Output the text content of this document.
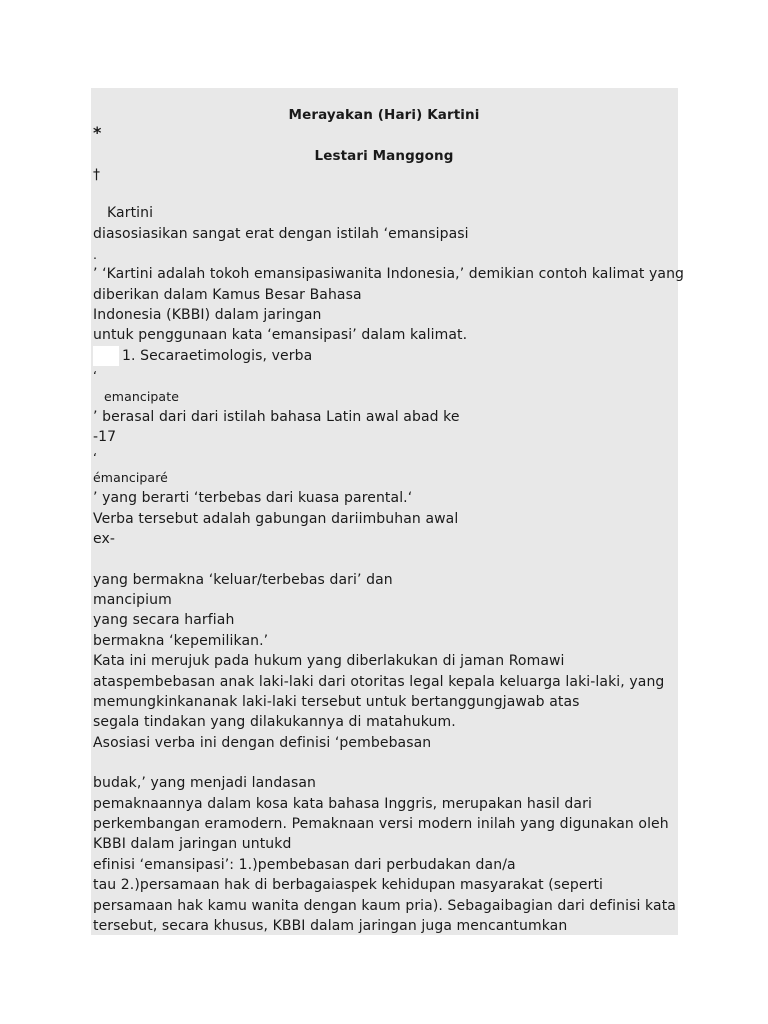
Merayakan (Hari) Kartini
*
Lestari Manggong
†
Kartini
diasosiasikan sangat erat dengan istilah ‘emansipasi
.
’ ‘Kartini adalah tokoh emansipasiwanita Indonesia,’ demikian contoh kalimat yang
diberikan dalam Kamus Besar Bahasa
Indonesia (KBBI) dalam jaringan
untuk penggunaan kata ‘emansipasi’ dalam kalimat.
1. Secaraetimologis, verba
‘
emancipate
’ berasal dari dari istilah bahasa Latin awal abad ke
-17
‘
émanciparé
’ yang berarti ‘terbebas dari kuasa parental.‘
Verba tersebut adalah gabungan dariimbuhan awal
ex-
yang bermakna ‘keluar/terbebas dari’ dan
mancipium
yang secara harfiah
bermakna ‘kepemilikan.’
Kata ini merujuk pada hukum yang diberlakukan di jaman Romawi
ataspembebasan anak laki-laki dari otoritas legal kepala keluarga laki-laki, yang
memungkinkananak laki-laki tersebut untuk bertanggungjawab atas
segala tindakan yang dilakukannya di matahukum.
Asosiasi verba ini dengan definisi ‘pembebasan
budak,’ yang menjadi landasan
pemaknaannya dalam kosa kata bahasa Inggris, merupakan hasil dari
perkembangan eramodern. Pemaknaan versi modern inilah yang digunakan oleh
KBBI dalam jaringan untukd
efinisi ‘emansipasi’: 1.)pembebasan dari perbudakan dan/a
tau 2.)persamaan hak di berbagaiaspek kehidupan masyarakat (seperti
persamaan hak kamu wanita dengan kaum pria). Sebagaibagian dari definisi kata
tersebut, secara khusus, KBBI dalam jaringan juga mencantumkan
